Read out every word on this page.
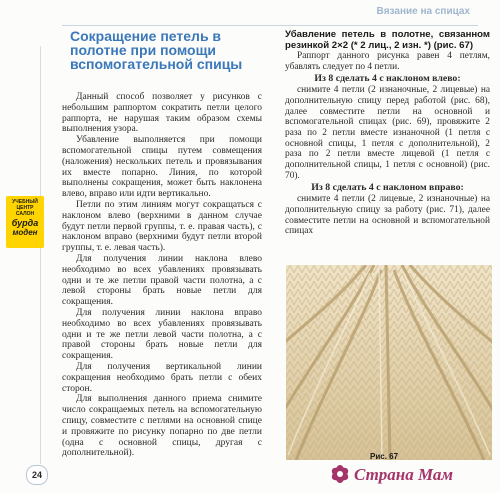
Вязание на спицах
Сокращение петель в полотне при помощи вспомогательной спицы

Данный способ позволяет у рисунков с небольшим раппортом сократить петли целого раппорта, не нарушая таким образом схемы выполнения узора.

Убавление выполняется при помощи вспомогательной спицы путем совмещения (наложения) нескольких петель и провязывания их вместе попарно. Линия, по которой выполнены сокращения, может быть наклонена влево, вправо или идти вертикально.

Петли по этим линиям могут сокращаться с наклоном влево (верхними в данном случае будут петли первой группы, т. е. правая часть), с наклоном вправо (верхними будут петли второй группы, т. е. левая часть).

Для получения линии наклона влево необходимо во всех убавлениях провязывать одни и те же петли правой части полотна, а с левой стороны брать новые петли для сокращения.

Для получения линии наклона вправо необходимо во всех убавлениях провязывать одни и те же петли левой части полотна, а с правой стороны брать новые петли для сокращения.

Для получения вертикальной линии сокращения необходимо брать петли с обеих сторон.

Для выполнения данного приема снимите число сокращаемых петель на вспомогательную спицу, совместите с петлями на основной спице и провяжите по рисунку попарно по две петли (одна с основной спицы, другая с дополнительной).

УЧЕБНЫЙ ЦЕНТР
САЛОН
бурда
моден
24
Убавление петель в полотне, связанном резинкой 2×2 (* 2 лиц., 2 изн. *) (рис. 67)

Раппорт данного рисунка равен 4 петлям, убавлять следует по 4 петли.

Из 8 сделать 4 с наклоном влево:

снимите 4 петли (2 изнаночные, 2 лицевые) на дополнительную спицу перед работой (рис. 68), далее совместите петли на основной и вспомогательной спицах (рис. 69), провяжите 2 раза по 2 петли вместе изнаночной (1 петля с основной спицы, 1 петля с дополнительной), 2 раза по 2 петли вместе лицевой (1 петля с дополнительной спицы, 1 петля с основной) (рис. 70).

Из 8 сделать 4 с наклоном вправо:

снимите 4 петли (2 лицевые, 2 изнаночные) на дополнительную спицу за работу (рис. 71), далее совместите петли на основной и вспомогательной спицах

Рис. 67
Страна Мам
